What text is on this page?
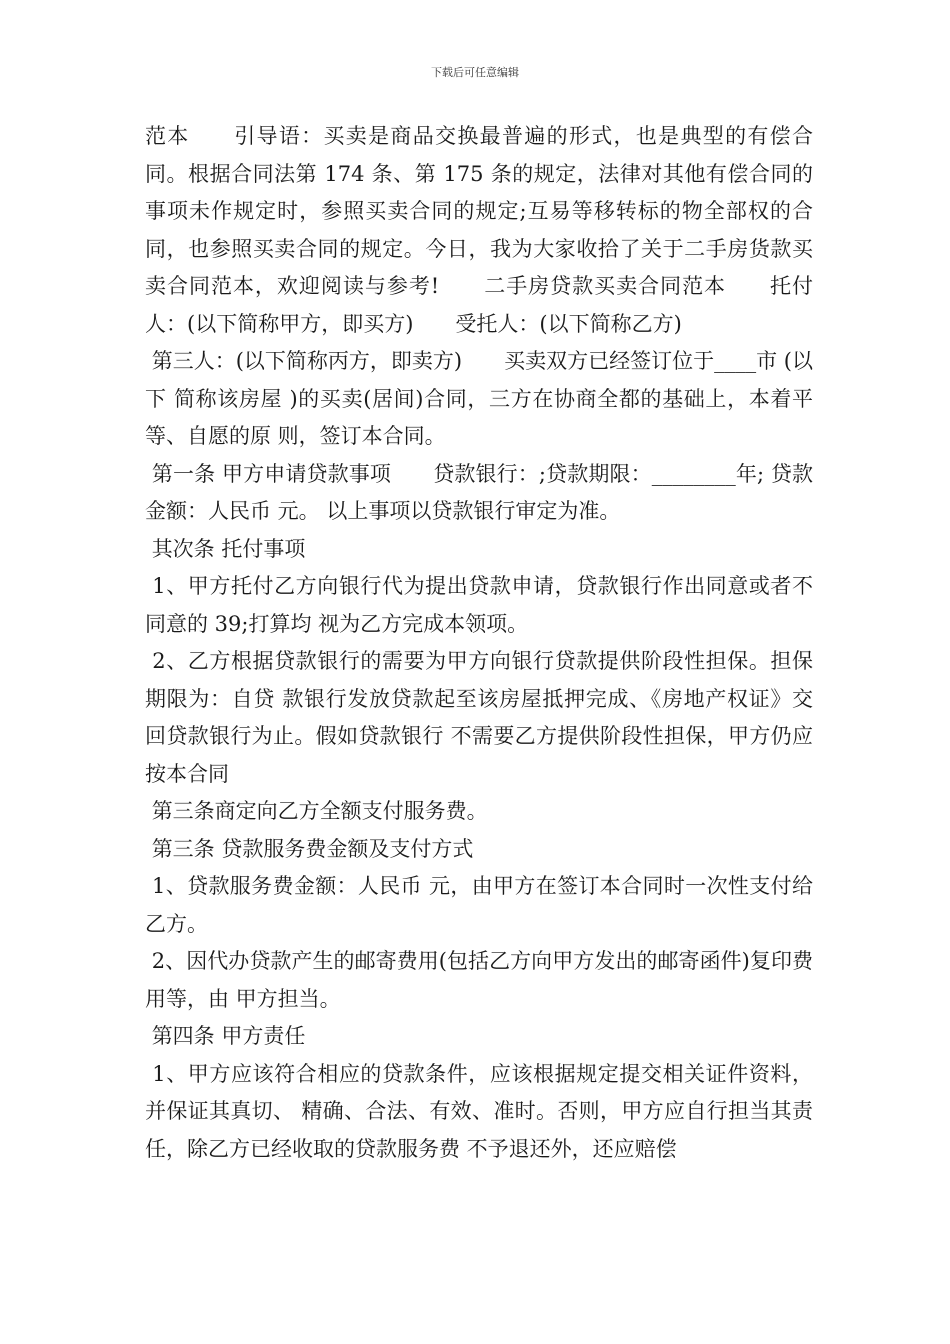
下载后可任意编辑

范本　　引导语：买卖是商品交换最普遍的形式，也是典型的有偿合同。根据合同法第 174 条、第 175 条的规定，法律对其他有偿合同的事项未作规定时，参照买卖合同的规定;互易等移转标的物全部权的合同，也参照买卖合同的规定。今日，我为大家收拾了关于二手房货款买卖合同范本，欢迎阅读与参考!　　二手房贷款买卖合同范本　　托付人：(以下简称甲方，即买方)　　受托人：(以下简称乙方)

第三人：(以下简称丙方，即卖方)　　买卖双方已经签订位于____市 (以下 简称该房屋 )的买卖(居间)合同，三方在协商全都的基础上，本着平等、自愿的原 则，签订本合同。

第一条 甲方申请贷款事项　　贷款银行：;贷款期限：________年; 贷款金额：人民币 元。 以上事项以贷款银行审定为准。

其次条 托付事项

1、甲方托付乙方向银行代为提出贷款申请，贷款银行作出同意或者不同意的 39;打算均 视为乙方完成本领项。

2、乙方根据贷款银行的需要为甲方向银行贷款提供阶段性担保。担保期限为：自贷 款银行发放贷款起至该房屋抵押完成、《房地产权证》交回贷款银行为止。假如贷款银行 不需要乙方提供阶段性担保，甲方仍应按本合同

第三条商定向乙方全额支付服务费。

第三条 贷款服务费金额及支付方式

1、贷款服务费金额：人民币 元，由甲方在签订本合同时一次性支付给乙方。

2、因代办贷款产生的邮寄费用(包括乙方向甲方发出的邮寄函件)复印费用等，由 甲方担当。

第四条 甲方责任

1、甲方应该符合相应的贷款条件，应该根据规定提交相关证件资料，并保证其真切、 精确、合法、有效、准时。否则，甲方应自行担当其责任，除乙方已经收取的贷款服务费 不予退还外，还应赔偿
